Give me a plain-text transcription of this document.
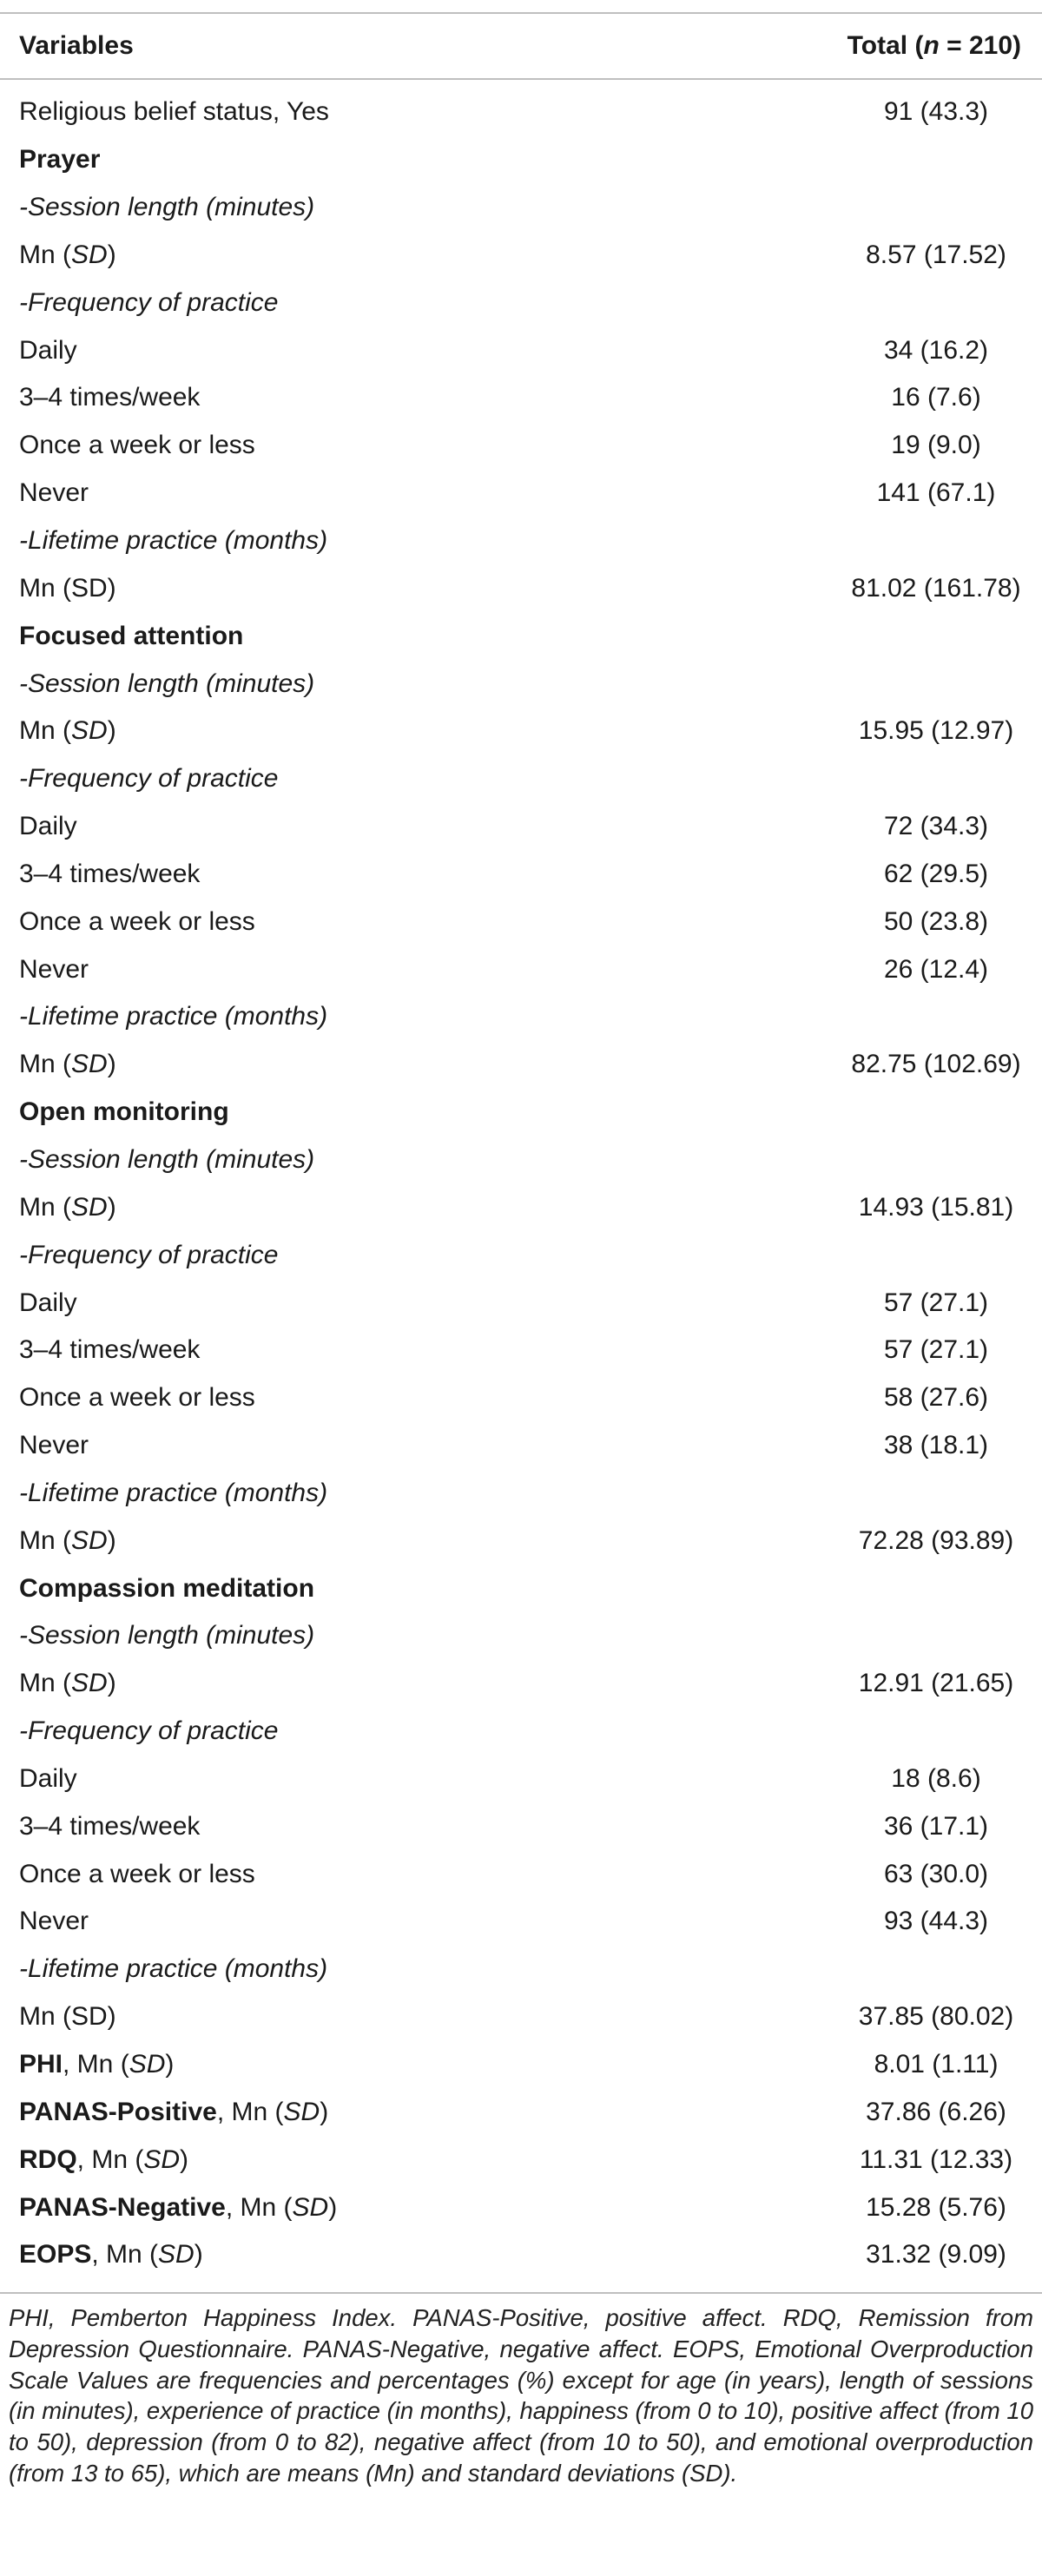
Variables	Total (n = 210)
Religious belief status, Yes	91 (43.3)
Prayer
-Session length (minutes)
Mn (SD)	8.57 (17.52)
-Frequency of practice
Daily	34 (16.2)
3–4 times/week	16 (7.6)
Once a week or less	19 (9.0)
Never	141 (67.1)
-Lifetime practice (months)
Mn (SD)	81.02 (161.78)
Focused attention
-Session length (minutes)
Mn (SD)	15.95 (12.97)
-Frequency of practice
Daily	72 (34.3)
3–4 times/week	62 (29.5)
Once a week or less	50 (23.8)
Never	26 (12.4)
-Lifetime practice (months)
Mn (SD)	82.75 (102.69)
Open monitoring
-Session length (minutes)
Mn (SD)	14.93 (15.81)
-Frequency of practice
Daily	57 (27.1)
3–4 times/week	57 (27.1)
Once a week or less	58 (27.6)
Never	38 (18.1)
-Lifetime practice (months)
Mn (SD)	72.28 (93.89)
Compassion meditation
-Session length (minutes)
Mn (SD)	12.91 (21.65)
-Frequency of practice
Daily	18 (8.6)
3–4 times/week	36 (17.1)
Once a week or less	63 (30.0)
Never	93 (44.3)
-Lifetime practice (months)
Mn (SD)	37.85 (80.02)
PHI, Mn (SD)	8.01 (1.11)
PANAS-Positive, Mn (SD)	37.86 (6.26)
RDQ, Mn (SD)	11.31 (12.33)
PANAS-Negative, Mn (SD)	15.28 (5.76)
EOPS, Mn (SD)	31.32 (9.09)
PHI, Pemberton Happiness Index. PANAS-Positive, positive affect. RDQ, Remission from Depression Questionnaire. PANAS-Negative, negative affect. EOPS, Emotional Overproduction Scale Values are frequencies and percentages (%) except for age (in years), length of sessions (in minutes), experience of practice (in months), happiness (from 0 to 10), positive affect (from 10 to 50), depression (from 0 to 82), negative affect (from 10 to 50), and emotional overproduction (from 13 to 65), which are means (Mn) and standard deviations (SD).
